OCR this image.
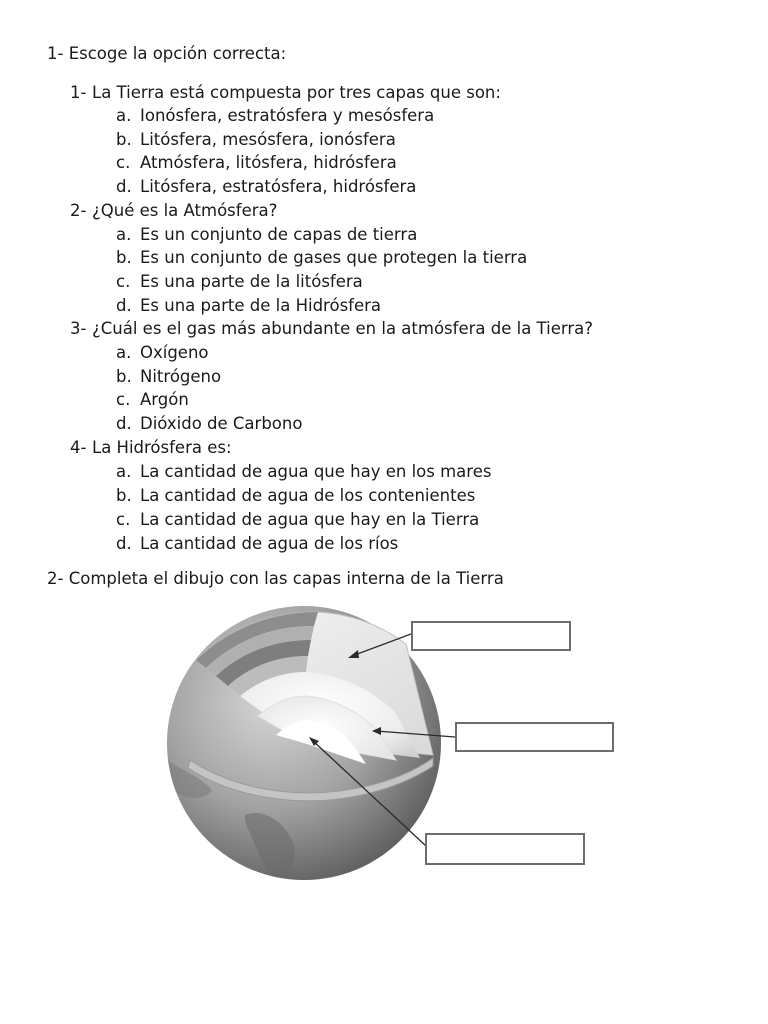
1- Escoge la opción correcta:
1- La Tierra está compuesta por tres capas que son:
a. Ionósfera, estratósfera y mesósfera
b. Litósfera, mesósfera, ionósfera
c. Atmósfera, litósfera, hidrósfera
d. Litósfera, estratósfera, hidrósfera
2- ¿Qué es la Atmósfera?
a. Es un conjunto de capas de tierra
b. Es un conjunto de gases que protegen la tierra
c. Es una parte de la litósfera
d. Es una parte de la Hidrósfera
3- ¿Cuál es el gas más abundante en la atmósfera de la Tierra?
a. Oxígeno
b. Nitrógeno
c. Argón
d. Dióxido de Carbono
4- La Hidrósfera es:
a. La cantidad de agua que hay en los mares
b. La cantidad de agua de los contenientes
c. La cantidad de agua que hay en la Tierra
d. La cantidad de agua de los ríos
2- Completa el dibujo con las capas interna de la Tierra
